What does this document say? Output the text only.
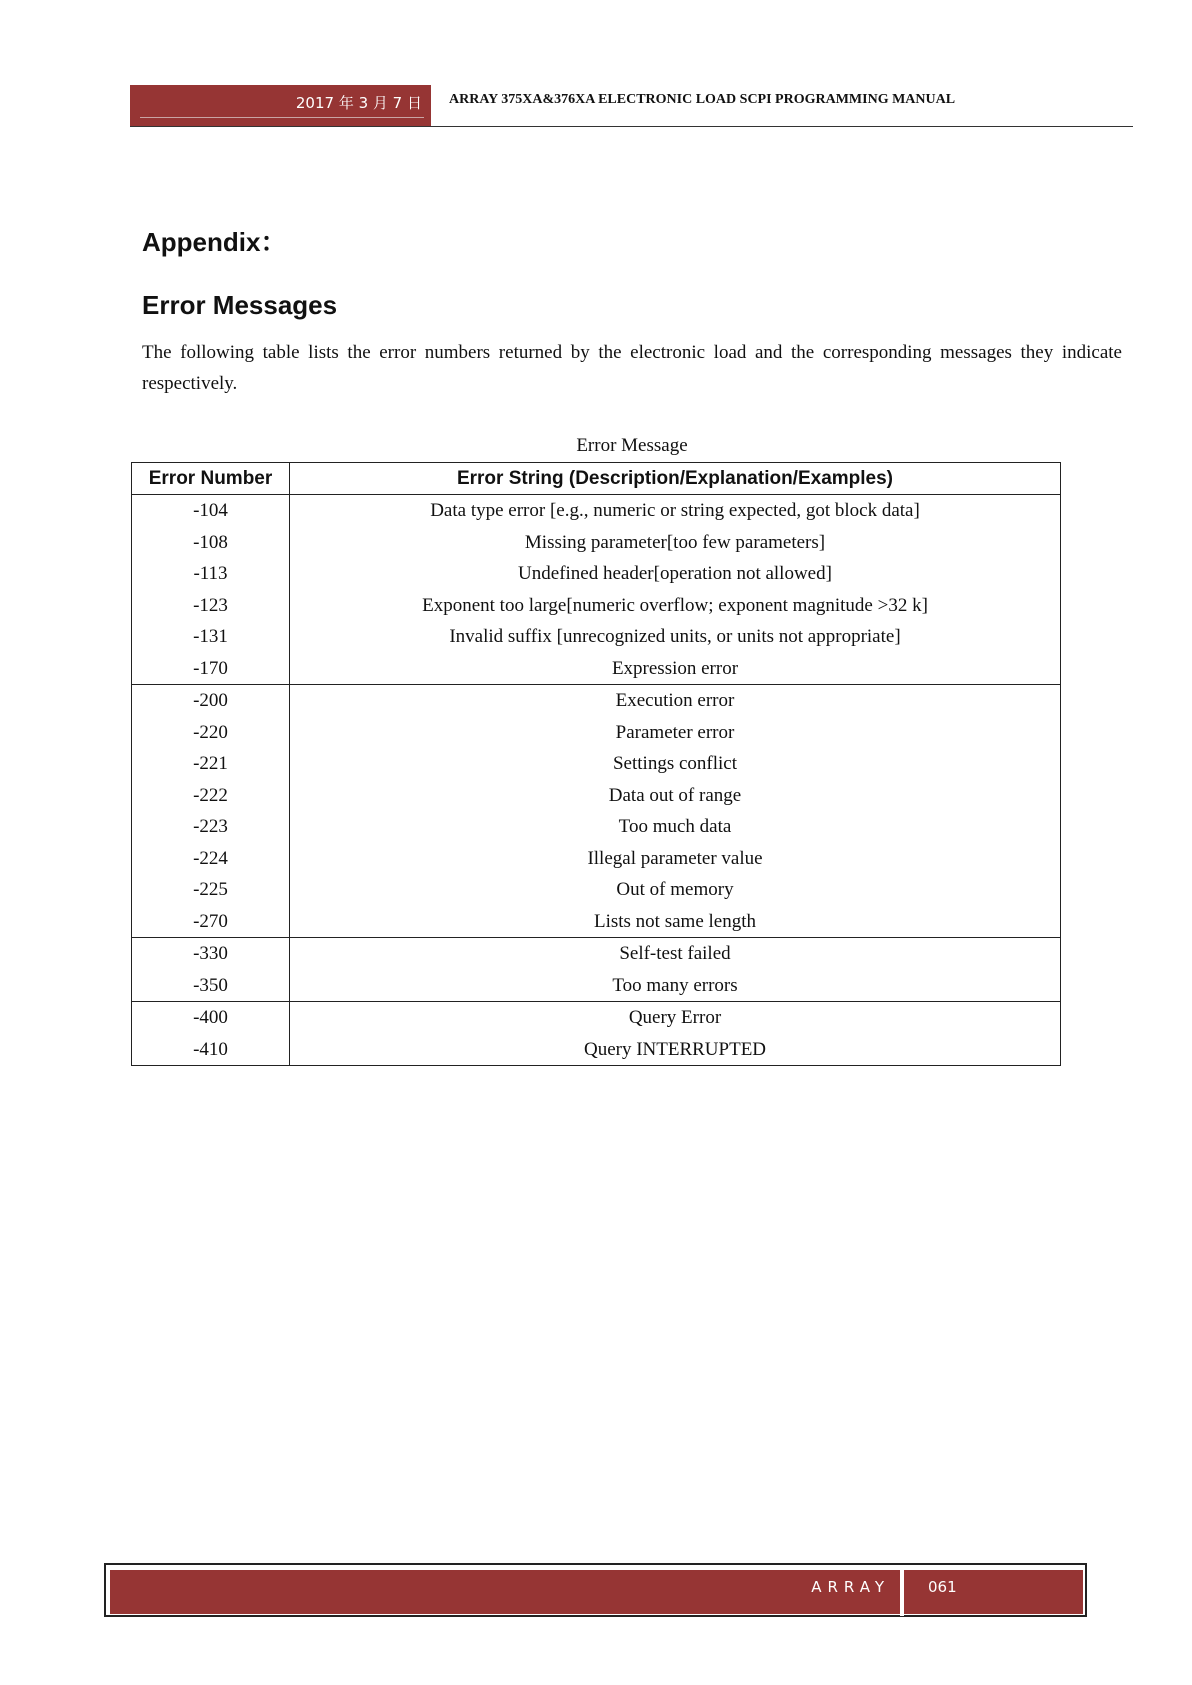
2017 年 3 月 7 日 ARRAY 375XA&376XA ELECTRONIC LOAD SCPI PROGRAMMING MANUAL
Appendix：
Error Messages
The following table lists the error numbers returned by the electronic load and the corresponding messages they indicate respectively.
Error Message
Error Number	Error String (Description/Explanation/Examples)
-104	Data type error [e.g., numeric or string expected, got block data]
-108	Missing parameter[too few parameters]
-113	Undefined header[operation not allowed]
-123	Exponent too large[numeric overflow; exponent magnitude >32 k]
-131	Invalid suffix [unrecognized units, or units not appropriate]
-170	Expression error
-200	Execution error
-220	Parameter error
-221	Settings conflict
-222	Data out of range
-223	Too much data
-224	Illegal parameter value
-225	Out of memory
-270	Lists not same length
-330	Self-test failed
-350	Too many errors
-400	Query Error
-410	Query INTERRUPTED
ARRAY	061
